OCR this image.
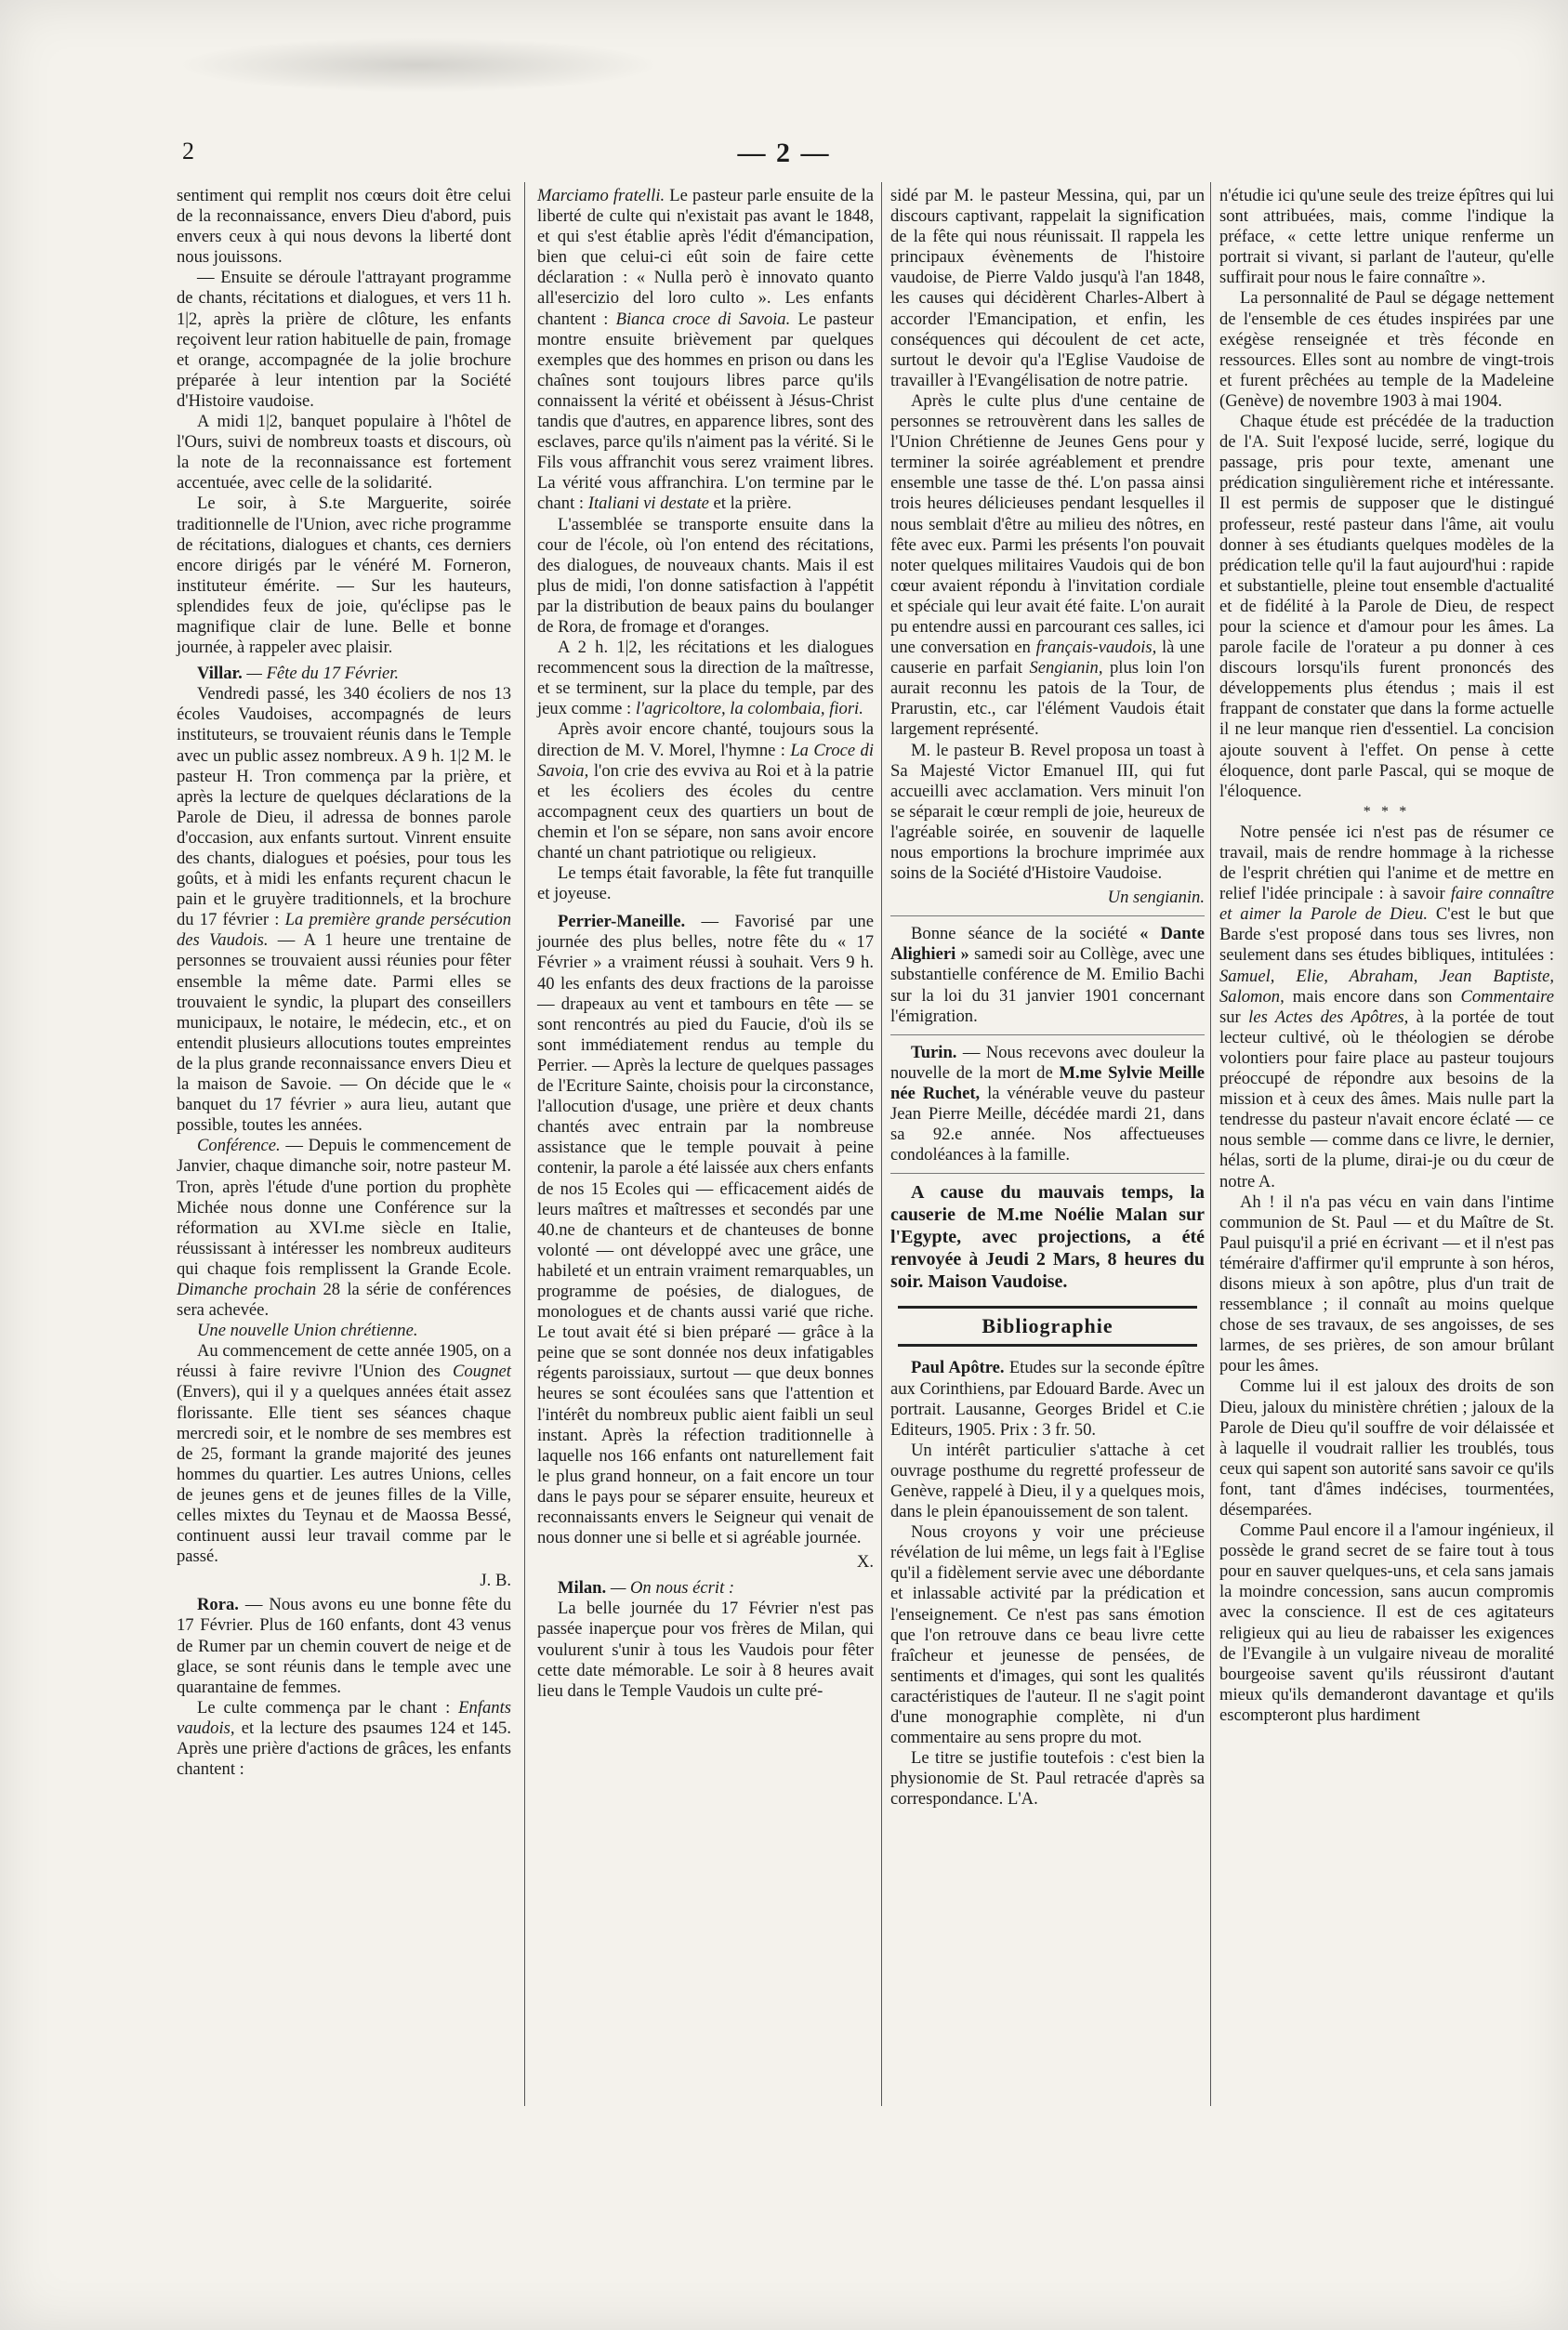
2	— 2 —

sentiment qui remplit nos cœurs doit être celui de la reconnaissance, envers Dieu d'abord, puis envers ceux à qui nous devons la liberté dont nous jouissons.

— Ensuite se déroule l'attrayant programme de chants, récitations et dialogues, et vers 11 h. 1|2, après la prière de clôture, les enfants reçoivent leur ration habituelle de pain, fromage et orange, accompagnée de la jolie brochure préparée à leur intention par la Société d'Histoire vaudoise.

A midi 1|2, banquet populaire à l'hôtel de l'Ours, suivi de nombreux toasts et discours, où la note de la reconnaissance est fortement accentuée, avec celle de la solidarité.

Le soir, à S.te Marguerite, soirée traditionnelle de l'Union, avec riche programme de récitations, dialogues et chants, ces derniers encore dirigés par le vénéré M. Forneron, instituteur émérite. — Sur les hauteurs, splendides feux de joie, qu'éclipse pas le magnifique clair de lune. Belle et bonne journée, à rappeler avec plaisir.

Villar. — Fête du 17 Février.

Vendredi passé, les 340 écoliers de nos 13 écoles Vaudoises, accompagnés de leurs instituteurs, se trouvaient réunis dans le Temple avec un public assez nombreux. A 9 h. 1|2 M. le pasteur H. Tron commença par la prière, et après la lecture de quelques déclarations de la Parole de Dieu, il adressa de bonnes parole d'occasion, aux enfants surtout. Vinrent ensuite des chants, dialogues et poésies, pour tous les goûts, et à midi les enfants reçurent chacun le pain et le gruyère traditionnels, et la brochure du 17 février : La première grande persécution des Vaudois. — A 1 heure une trentaine de personnes se trouvaient aussi réunies pour fêter ensemble la même date. Parmi elles se trouvaient le syndic, la plupart des conseillers municipaux, le notaire, le médecin, etc., et on entendit plusieurs allocutions toutes empreintes de la plus grande reconnaissance envers Dieu et la maison de Savoie. — On décide que le « banquet du 17 février » aura lieu, autant que possible, toutes les années.

Conférence. — Depuis le commencement de Janvier, chaque dimanche soir, notre pasteur M. Tron, après l'étude d'une portion du prophète Michée nous donne une Conférence sur la réformation au XVI.me siècle en Italie, réussissant à intéresser les nombreux auditeurs qui chaque fois remplissent la Grande Ecole. Dimanche prochain 28 la série de conférences sera achevée.

Une nouvelle Union chrétienne.

Au commencement de cette année 1905, on a réussi à faire revivre l'Union des Cougnet (Envers), qui il y a quelques années était assez florissante. Elle tient ses séances chaque mercredi soir, et le nombre de ses membres est de 25, formant la grande majorité des jeunes hommes du quartier. Les autres Unions, celles de jeunes gens et de jeunes filles de la Ville, celles mixtes du Teynau et de Maossa Bessé, continuent aussi leur travail comme par le passé.

J. B.

Rora. — Nous avons eu une bonne fête du 17 Février. Plus de 160 enfants, dont 43 venus de Rumer par un chemin couvert de neige et de glace, se sont réunis dans le temple avec une quarantaine de femmes.

Le culte commença par le chant : Enfants vaudois, et la lecture des psaumes 124 et 145. Après une prière d'actions de grâces, les enfants chantent :

Marciamo fratelli. Le pasteur parle ensuite de la liberté de culte qui n'existait pas avant le 1848, et qui s'est établie après l'édit d'émancipation, bien que celui-ci eût soin de faire cette déclaration : « Nulla però è innovato quanto all'esercizio del loro culto ». Les enfants chantent : Bianca croce di Savoia. Le pasteur montre ensuite brièvement par quelques exemples que des hommes en prison ou dans les chaînes sont toujours libres parce qu'ils connaissent la vérité et obéissent à Jésus-Christ tandis que d'autres, en apparence libres, sont des esclaves, parce qu'ils n'aiment pas la vérité. Si le Fils vous affranchit vous serez vraiment libres. La vérité vous affranchira. L'on termine par le chant : Italiani vi destate et la prière.

L'assemblée se transporte ensuite dans la cour de l'école, où l'on entend des récitations, des dialogues, de nouveaux chants. Mais il est plus de midi, l'on donne satisfaction à l'appétit par la distribution de beaux pains du boulanger de Rora, de fromage et d'oranges.

A 2 h. 1|2, les récitations et les dialogues recommencent sous la direction de la maîtresse, et se terminent, sur la place du temple, par des jeux comme : l'agricoltore, la colombaia, fiori.

Après avoir encore chanté, toujours sous la direction de M. V. Morel, l'hymne : La Croce di Savoia, l'on crie des evviva au Roi et à la patrie et les écoliers des écoles du centre accompagnent ceux des quartiers un bout de chemin et l'on se sépare, non sans avoir encore chanté un chant patriotique ou religieux.

Le temps était favorable, la fête fut tranquille et joyeuse.

Perrier-Maneille. — Favorisé par une journée des plus belles, notre fête du « 17 Février » a vraiment réussi à souhait. Vers 9 h. 40 les enfants des deux fractions de la paroisse — drapeaux au vent et tambours en tête — se sont rencontrés au pied du Faucie, d'où ils se sont immédiatement rendus au temple du Perrier. — Après la lecture de quelques passages de l'Ecriture Sainte, choisis pour la circonstance, l'allocution d'usage, une prière et deux chants chantés avec entrain par la nombreuse assistance que le temple pouvait à peine contenir, la parole a été laissée aux chers enfants de nos 15 Ecoles qui — efficacement aidés de leurs maîtres et maîtresses et secondés par une 40.ne de chanteurs et de chanteuses de bonne volonté — ont développé avec une grâce, une habileté et un entrain vraiment remarquables, un programme de poésies, de dialogues, de monologues et de chants aussi varié que riche. Le tout avait été si bien préparé — grâce à la peine que se sont donnée nos deux infatigables régents paroissiaux, surtout — que deux bonnes heures se sont écoulées sans que l'attention et l'intérêt du nombreux public aient faibli un seul instant. Après la réfection traditionnelle à laquelle nos 166 enfants ont naturellement fait le plus grand honneur, on a fait encore un tour dans le pays pour se séparer ensuite, heureux et reconnaissants envers le Seigneur qui venait de nous donner une si belle et si agréable journée.

X.

Milan. — On nous écrit :

La belle journée du 17 Février n'est pas passée inaperçue pour vos frères de Milan, qui voulurent s'unir à tous les Vaudois pour fêter cette date mémorable. Le soir à 8 heures avait lieu dans le Temple Vaudois un culte pré-

sidé par M. le pasteur Messina, qui, par un discours captivant, rappelait la signification de la fête qui nous réunissait. Il rappela les principaux évènements de l'histoire vaudoise, de Pierre Valdo jusqu'à l'an 1848, les causes qui décidèrent Charles-Albert à accorder l'Emancipation, et enfin, les conséquences qui découlent de cet acte, surtout le devoir qu'a l'Eglise Vaudoise de travailler à l'Evangélisation de notre patrie.

Après le culte plus d'une centaine de personnes se retrouvèrent dans les salles de l'Union Chrétienne de Jeunes Gens pour y terminer la soirée agréablement et prendre ensemble une tasse de thé. L'on passa ainsi trois heures délicieuses pendant lesquelles il nous semblait d'être au milieu des nôtres, en fête avec eux. Parmi les présents l'on pouvait noter quelques militaires Vaudois qui de bon cœur avaient répondu à l'invitation cordiale et spéciale qui leur avait été faite. L'on aurait pu entendre aussi en parcourant ces salles, ici une conversation en français-vaudois, là une causerie en parfait Sengianin, plus loin l'on aurait reconnu les patois de la Tour, de Prarustin, etc., car l'élément Vaudois était largement représenté.

M. le pasteur B. Revel proposa un toast à Sa Majesté Victor Emanuel III, qui fut accueilli avec acclamation. Vers minuit l'on se séparait le cœur rempli de joie, heureux de l'agréable soirée, en souvenir de laquelle nous emportions la brochure imprimée aux soins de la Société d'Histoire Vaudoise.

Un sengianin.

Bonne séance de la société « Dante Alighieri » samedi soir au Collège, avec une substantielle conférence de M. Emilio Bachi sur la loi du 31 janvier 1901 concernant l'émigration.

Turin. — Nous recevons avec douleur la nouvelle de la mort de M.me Sylvie Meille née Ruchet, la vénérable veuve du pasteur Jean Pierre Meille, décédée mardi 21, dans sa 92.e année. Nos affectueuses condoléances à la famille.

A cause du mauvais temps, la causerie de M.me Noélie Malan sur l'Egypte, avec projections, a été renvoyée à Jeudi 2 Mars, 8 heures du soir. Maison Vaudoise.

Bibliographie

Paul Apôtre. Etudes sur la seconde épître aux Corinthiens, par Edouard Barde. Avec un portrait. Lausanne, Georges Bridel et C.ie Editeurs, 1905. Prix : 3 fr. 50.

Un intérêt particulier s'attache à cet ouvrage posthume du regretté professeur de Genève, rappelé à Dieu, il y a quelques mois, dans le plein épanouissement de son talent.

Nous croyons y voir une précieuse révélation de lui même, un legs fait à l'Eglise qu'il a fidèlement servie avec une débordante et inlassable activité par la prédication et l'enseignement. Ce n'est pas sans émotion que l'on retrouve dans ce beau livre cette fraîcheur et jeunesse de pensées, de sentiments et d'images, qui sont les qualités caractéristiques de l'auteur. Il ne s'agit point d'une monographie complète, ni d'un commentaire au sens propre du mot.

Le titre se justifie toutefois : c'est bien la physionomie de St. Paul retracée d'après sa correspondance. L'A.

n'étudie ici qu'une seule des treize épîtres qui lui sont attribuées, mais, comme l'indique la préface, « cette lettre unique renferme un portrait si vivant, si parlant de l'auteur, qu'elle suffirait pour nous le faire connaître ».

La personnalité de Paul se dégage nettement de l'ensemble de ces études inspirées par une exégèse renseignée et très féconde en ressources. Elles sont au nombre de vingt-trois et furent prêchées au temple de la Madeleine (Genève) de novembre 1903 à mai 1904.

Chaque étude est précédée de la traduction de l'A. Suit l'exposé lucide, serré, logique du passage, pris pour texte, amenant une prédication singulièrement riche et intéressante. Il est permis de supposer que le distingué professeur, resté pasteur dans l'âme, ait voulu donner à ses étudiants quelques modèles de la prédication telle qu'il la faut aujourd'hui : rapide et substantielle, pleine tout ensemble d'actualité et de fidélité à la Parole de Dieu, de respect pour la science et d'amour pour les âmes. La parole facile de l'orateur a pu donner à ces discours lorsqu'ils furent prononcés des développements plus étendus ; mais il est frappant de constater que dans la forme actuelle il ne leur manque rien d'essentiel. La concision ajoute souvent à l'effet. On pense à cette éloquence, dont parle Pascal, qui se moque de l'éloquence.

* * *

Notre pensée ici n'est pas de résumer ce travail, mais de rendre hommage à la richesse de l'esprit chrétien qui l'anime et de mettre en relief l'idée principale : à savoir faire connaître et aimer la Parole de Dieu. C'est le but que Barde s'est proposé dans tous ses livres, non seulement dans ses études bibliques, intitulées : Samuel, Elie, Abraham, Jean Baptiste, Salomon, mais encore dans son Commentaire sur les Actes des Apôtres, à la portée de tout lecteur cultivé, où le théologien se dérobe volontiers pour faire place au pasteur toujours préoccupé de répondre aux besoins de la mission et à ceux des âmes. Mais nulle part la tendresse du pasteur n'avait encore éclaté — ce nous semble — comme dans ce livre, le dernier, hélas, sorti de la plume, dirai-je ou du cœur de notre A.

Ah ! il n'a pas vécu en vain dans l'intime communion de St. Paul — et du Maître de St. Paul puisqu'il a prié en écrivant — et il n'est pas téméraire d'affirmer qu'il emprunte à son héros, disons mieux à son apôtre, plus d'un trait de ressemblance ; il connaît au moins quelque chose de ses travaux, de ses angoisses, de ses larmes, de ses prières, de son amour brûlant pour les âmes.

Comme lui il est jaloux des droits de son Dieu, jaloux du ministère chrétien ; jaloux de la Parole de Dieu qu'il souffre de voir délaissée et à laquelle il voudrait rallier les troublés, tous ceux qui sapent son autorité sans savoir ce qu'ils font, tant d'âmes indécises, tourmentées, désemparées.

Comme Paul encore il a l'amour ingénieux, il possède le grand secret de se faire tout à tous pour en sauver quelques-uns, et cela sans jamais la moindre concession, sans aucun compromis avec la conscience. Il est de ces agitateurs religieux qui au lieu de rabaisser les exigences de l'Evangile à un vulgaire niveau de moralité bourgeoise savent qu'ils réussiront d'autant mieux qu'ils demanderont davantage et qu'ils escompteront plus hardiment
